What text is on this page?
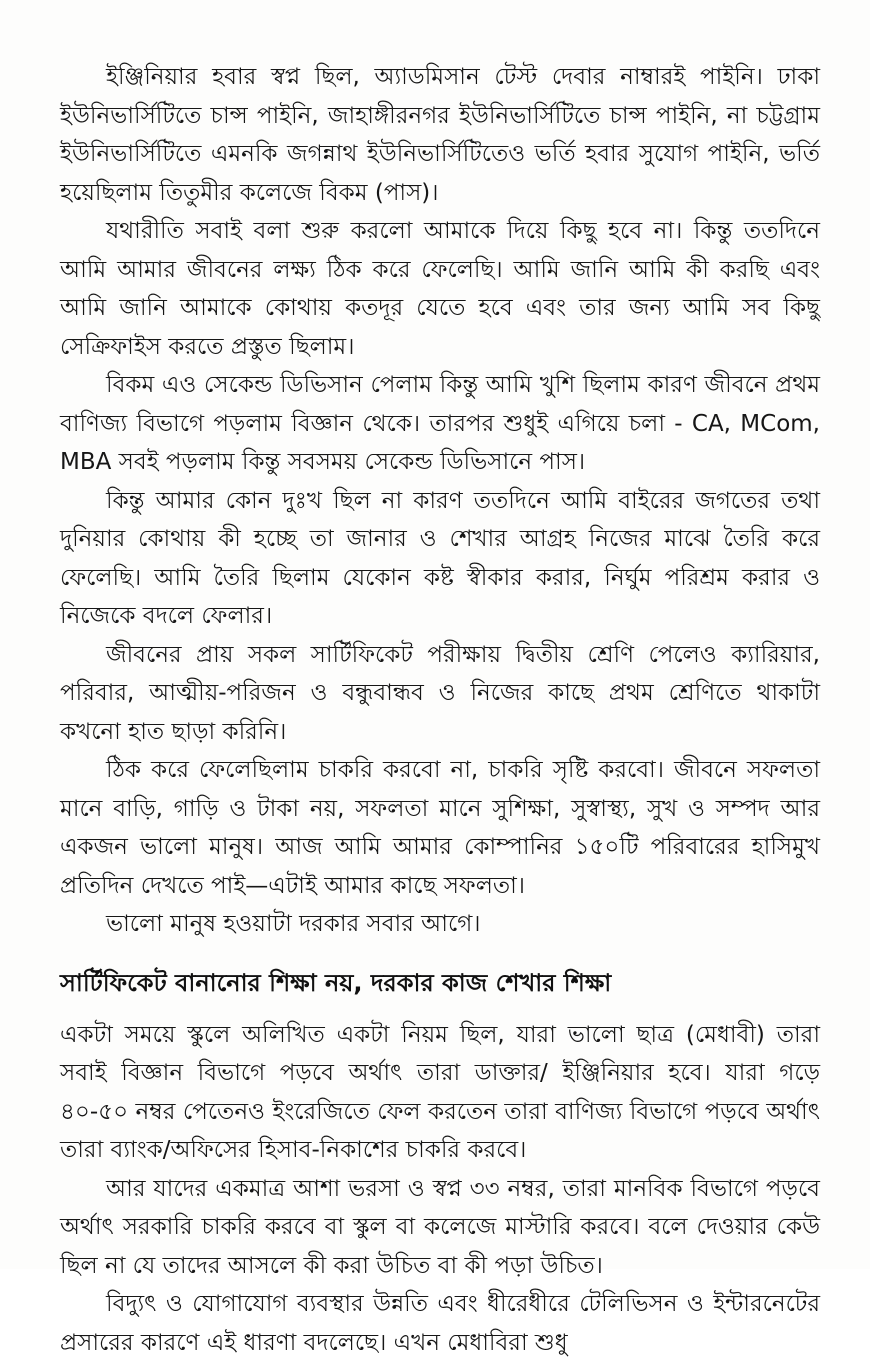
ইঞ্জিনিয়ার হবার স্বপ্ন ছিল, অ্যাডমিসান টেস্ট দেবার নাম্বারই পাইনি। ঢাকা ইউনিভার্সিটিতে চান্স পাইনি, জাহাঙ্গীরনগর ইউনিভার্সিটিতে চান্স পাইনি, না চট্টগ্রাম ইউনিভার্সিটিতে এমনকি জগন্নাথ ইউনিভার্সিটিতেও ভর্তি হবার সুযোগ পাইনি, ভর্তি হয়েছিলাম তিতুমীর কলেজে বিকম (পাস)।

যথারীতি সবাই বলা শুরু করলো আমাকে দিয়ে কিছু হবে না। কিন্তু ততদিনে আমি আমার জীবনের লক্ষ্য ঠিক করে ফেলেছি। আমি জানি আমি কী করছি এবং আমি জানি আমাকে কোথায় কতদূর যেতে হবে এবং তার জন্য আমি সব কিছু সেক্রিফাইস করতে প্রস্তুত ছিলাম।

বিকম এও সেকেন্ড ডিভিসান পেলাম কিন্তু আমি খুশি ছিলাম কারণ জীবনে প্রথম বাণিজ্য বিভাগে পড়লাম বিজ্ঞান থেকে। তারপর শুধুই এগিয়ে চলা - CA, MCom, MBA সবই পড়লাম কিন্তু সবসময় সেকেন্ড ডিভিসানে পাস।

কিন্তু আমার কোন দুঃখ ছিল না কারণ ততদিনে আমি বাইরের জগতের তথা দুনিয়ার কোথায় কী হচ্ছে তা জানার ও শেখার আগ্রহ নিজের মাঝে তৈরি করে ফেলেছি। আমি তৈরি ছিলাম যেকোন কষ্ট স্বীকার করার, নির্ঘুম পরিশ্রম করার ও নিজেকে বদলে ফেলার।

জীবনের প্রায় সকল সার্টিফিকেট পরীক্ষায় দ্বিতীয় শ্রেণি পেলেও ক্যারিয়ার, পরিবার, আত্মীয়-পরিজন ও বন্ধুবান্ধব ও নিজের কাছে প্রথম শ্রেণিতে থাকাটা কখনো হাত ছাড়া করিনি।

ঠিক করে ফেলেছিলাম চাকরি করবো না, চাকরি সৃষ্টি করবো। জীবনে সফলতা মানে বাড়ি, গাড়ি ও টাকা নয়, সফলতা মানে সুশিক্ষা, সুস্বাস্থ্য, সুখ ও সম্পদ আর একজন ভালো মানুষ। আজ আমি আমার কোম্পানির ১৫০টি পরিবারের হাসিমুখ প্রতিদিন দেখতে পাই—এটাই আমার কাছে সফলতা।

ভালো মানুষ হওয়াটা দরকার সবার আগে।

সার্টিফিকেট বানানোর শিক্ষা নয়, দরকার কাজ শেখার শিক্ষা

একটা সময়ে স্কুলে অলিখিত একটা নিয়ম ছিল, যারা ভালো ছাত্র (মেধাবী) তারা সবাই বিজ্ঞান বিভাগে পড়বে অর্থাৎ তারা ডাক্তার/ ইঞ্জিনিয়ার হবে। যারা গড়ে ৪০-৫০ নম্বর পেতেনও ইংরেজিতে ফেল করতেন তারা বাণিজ্য বিভাগে পড়বে অর্থাৎ তারা ব্যাংক/অফিসের হিসাব-নিকাশের চাকরি করবে।

আর যাদের একমাত্র আশা ভরসা ও স্বপ্ন ৩৩ নম্বর, তারা মানবিক বিভাগে পড়বে অর্থাৎ সরকারি চাকরি করবে বা স্কুল বা কলেজে মাস্টারি করবে। বলে দেওয়ার কেউ ছিল না যে তাদের আসলে কী করা উচিত বা কী পড়া উচিত।

বিদ্যুৎ ও যোগাযোগ ব্যবস্থার উন্নতি এবং ধীরেধীরে টেলিভিসন ও ইন্টারনেটের প্রসারের কারণে এই ধারণা বদলেছে। এখন মেধাবিরা শুধু
